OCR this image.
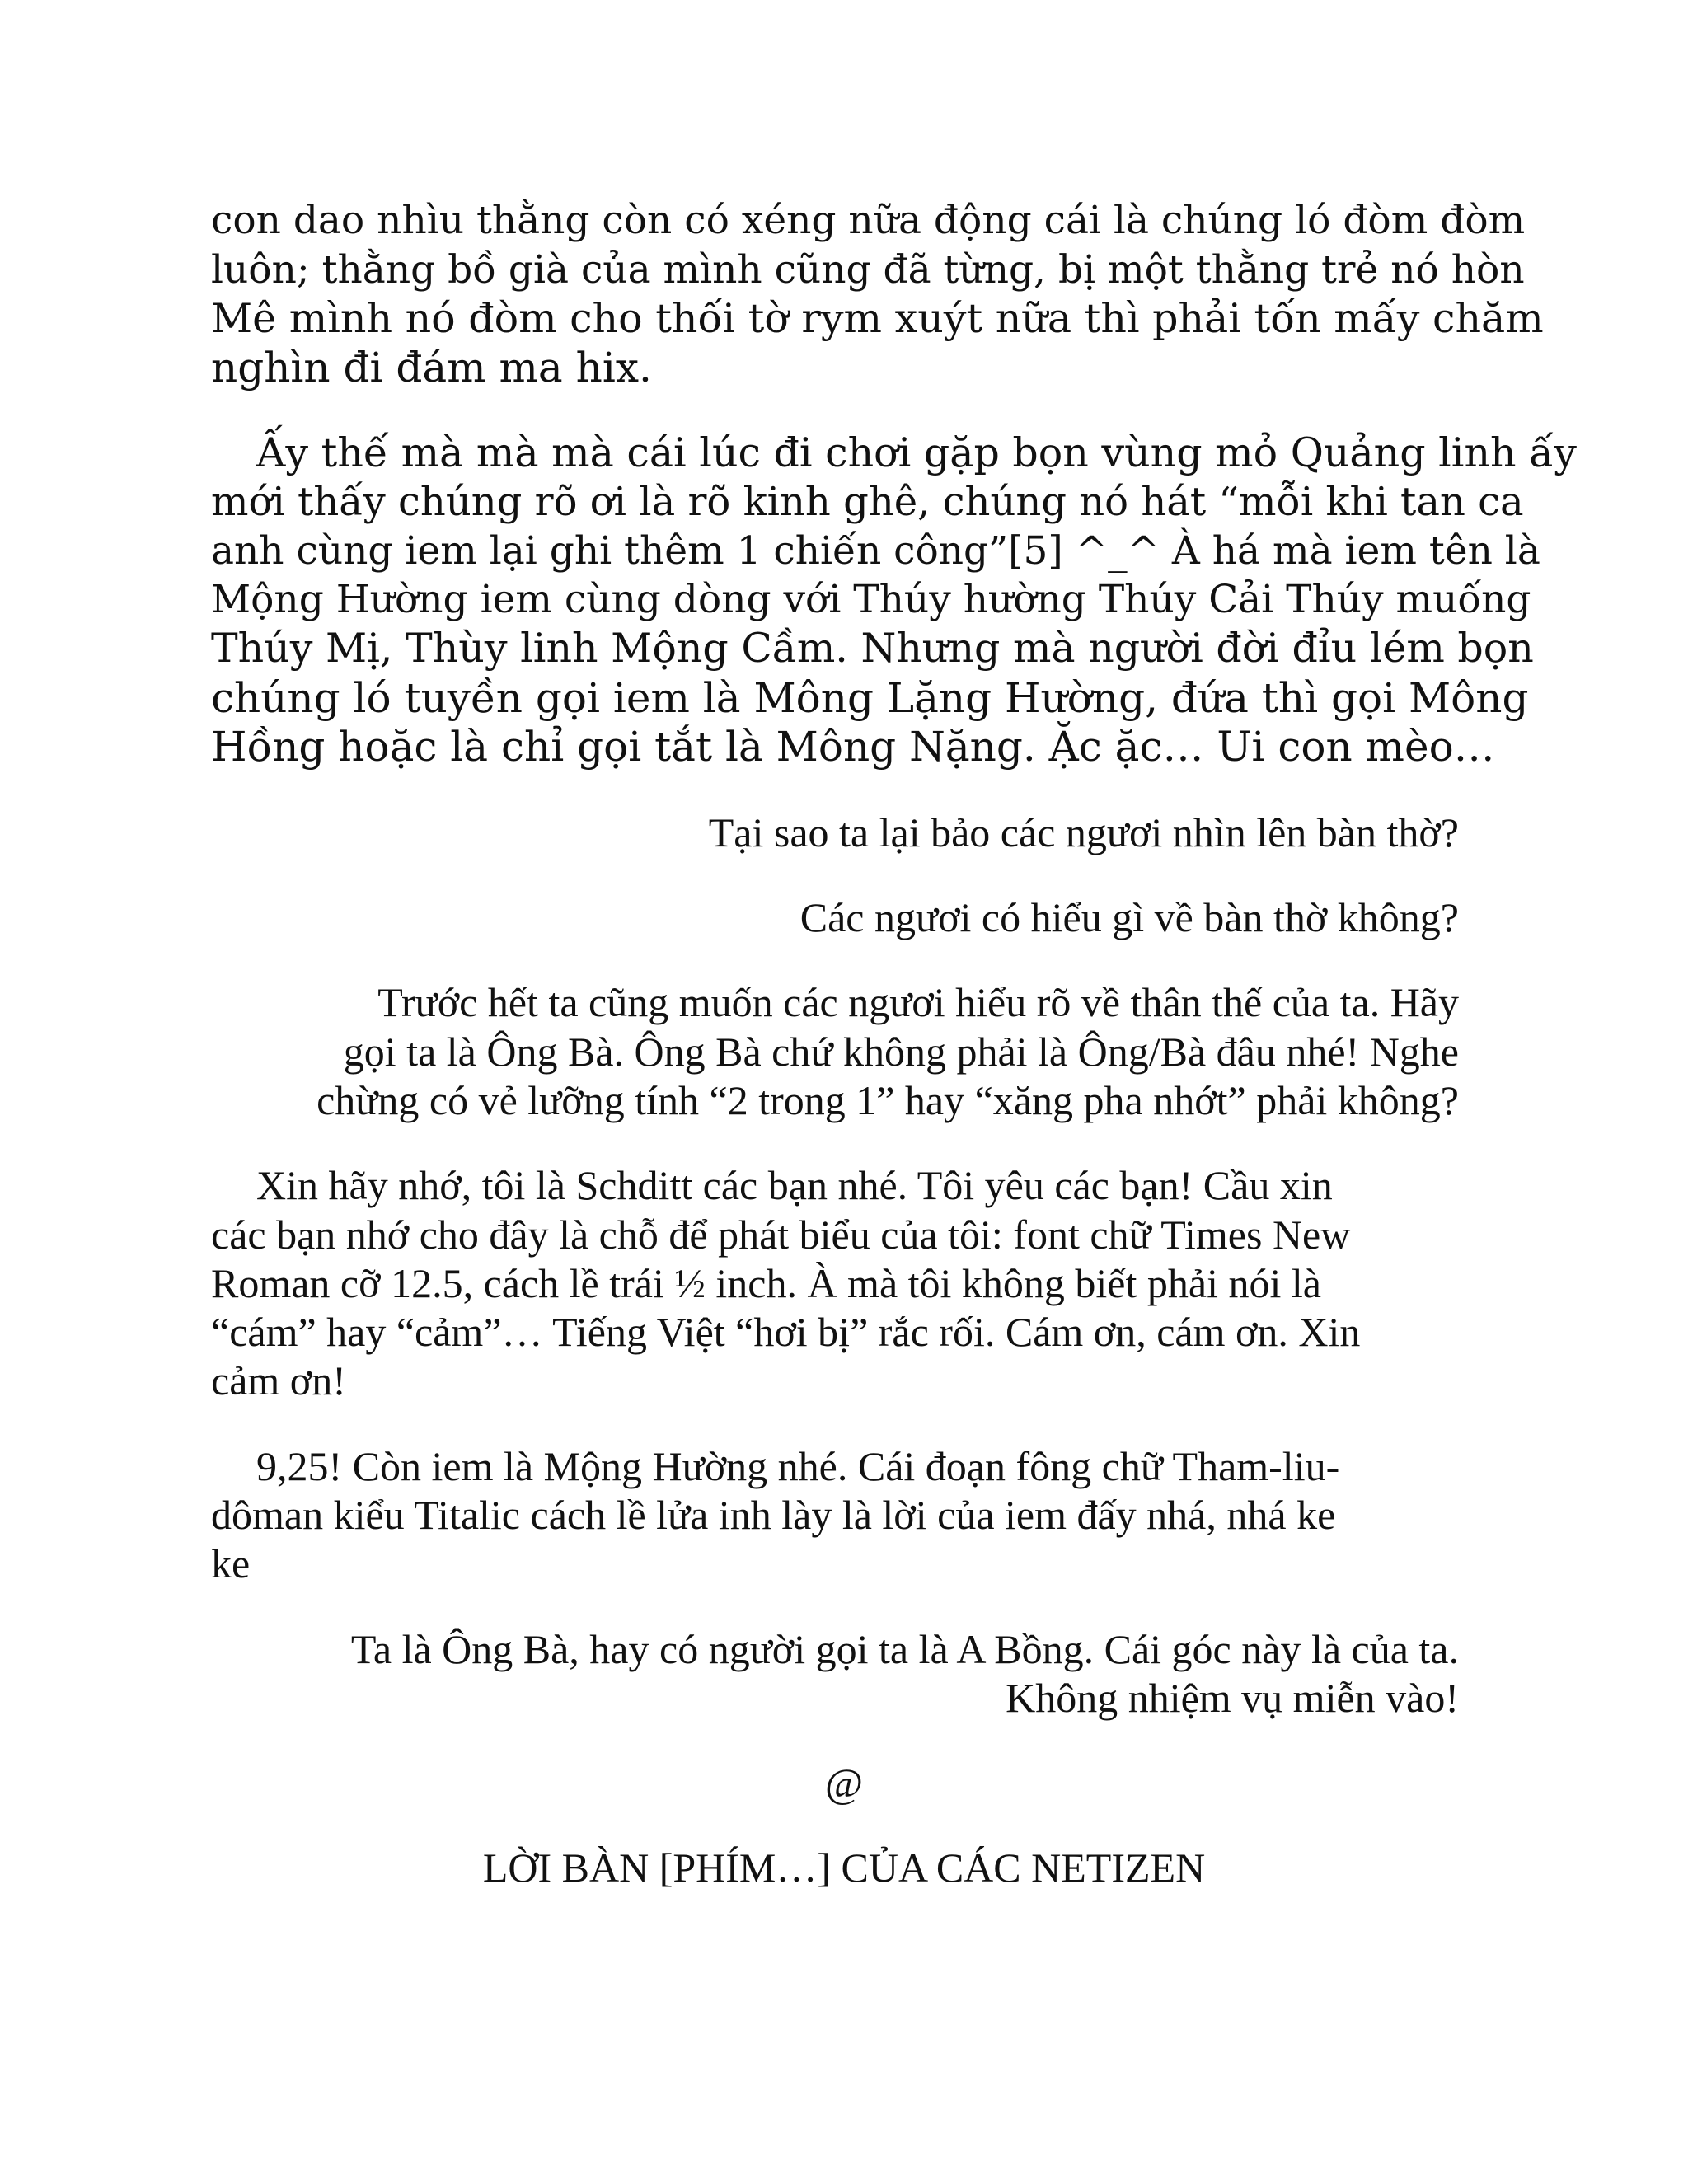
con dao nhìu thằng còn có xéng nữa động cái là chúng ló đòm đòm

luôn; thằng bồ già của mình cũng đã từng, bị một thằng trẻ nó hòn

Mê mình nó đòm cho thối tờ rym xuýt nữa thì phải tốn mấy chăm

nghìn đi đám ma hix.

Ấy thế mà mà mà cái lúc đi chơi gặp bọn vùng mỏ Quảng linh ấy

mới thấy chúng rõ ơi là rõ kinh ghê, chúng nó hát “mỗi khi tan ca

anh cùng iem lại ghi thêm 1 chiến công”[5] ^_^ À há mà iem tên là

Mộng Hường iem cùng dòng với Thúy hường Thúy Cải Thúy muống

Thúy Mị, Thùy linh Mộng Cầm. Nhưng mà người đời đỉu lém bọn

chúng ló tuyền gọi iem là Mông Lặng Hường, đứa thì gọi Mông

Hồng hoặc là chỉ gọi tắt là Mông Nặng. Ặc ặc… Ui con mèo…

Tại sao ta lại bảo các ngươi nhìn lên bàn thờ?

Các ngươi có hiểu gì về bàn thờ không?

Trước hết ta cũng muốn các ngươi hiểu rõ về thân thế của ta. Hãy

gọi ta là Ông Bà. Ông Bà chứ không phải là Ông/Bà đâu nhé! Nghe

chừng có vẻ lưỡng tính “2 trong 1” hay “xăng pha nhớt” phải không?

Xin hãy nhớ, tôi là Schditt các bạn nhé. Tôi yêu các bạn! Cầu xin

các bạn nhớ cho đây là chỗ để phát biểu của tôi: font chữ Times New

Roman cỡ 12.5, cách lề trái ½ inch. À mà tôi không biết phải nói là

“cám” hay “cảm”… Tiếng Việt “hơi bị” rắc rối. Cám ơn, cám ơn. Xin

cảm ơn!

9,25! Còn iem là Mộng Hường nhé. Cái đoạn fông chữ Tham-liu-

dôman kiểu Titalic cách lề lửa inh lày là lời của iem đấy nhá, nhá ke

ke

Ta là Ông Bà, hay có người gọi ta là A Bồng. Cái góc này là của ta.

Không nhiệm vụ miễn vào!

@

LỜI BÀN [PHÍM…] CỦA CÁC NETIZEN
